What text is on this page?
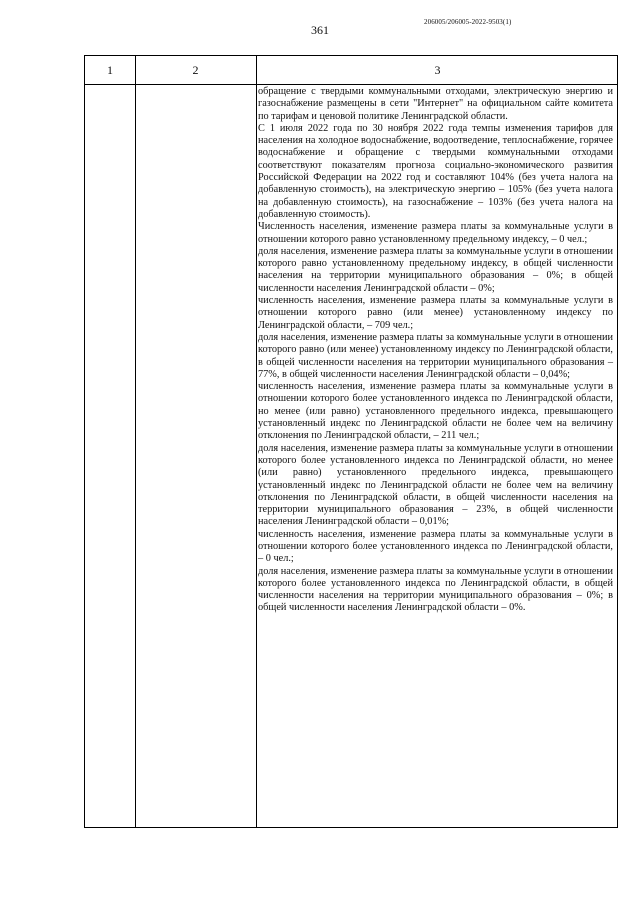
361
206005/206005-2022-9503(1)
1	2	3

обращение с твердыми коммунальными отходами, электрическую энергию и газоснабжение размещены в сети "Интернет" на официальном сайте комитета по тарифам и ценовой политике Ленинградской области.

С 1 июля 2022 года по 30 ноября 2022 года темпы изменения тарифов для населения на холодное водоснабжение, водоотведение, теплоснабжение, горячее водоснабжение и обращение с твердыми коммунальными отходами соответствуют показателям прогноза социально-экономического развития Российской Федерации на 2022 год и составляют 104% (без учета налога на добавленную стоимость), на электрическую энергию – 105% (без учета налога на добавленную стоимость), на газоснабжение – 103% (без учета налога на добавленную стоимость).

Численность населения, изменение размера платы за коммунальные услуги в отношении которого равно установленному предельному индексу, – 0 чел.;

доля населения, изменение размера платы за коммунальные услуги в отношении которого равно установленному предельному индексу, в общей численности населения на территории муниципального образования – 0%; в общей численности населения Ленинградской области – 0%;

численность населения, изменение размера платы за коммунальные услуги в отношении которого равно (или менее) установленному индексу по Ленинградской области, – 709 чел.;

доля населения, изменение размера платы за коммунальные услуги в отношении которого равно (или менее) установленному индексу по Ленинградской области, в общей численности населения на территории муниципального образования – 77%, в общей численности населения Ленинградской области – 0,04%;

численность населения, изменение размера платы за коммунальные услуги в отношении которого более установленного индекса по Ленинградской области, но менее (или равно) установленного предельного индекса, превышающего установленный индекс по Ленинградской области не более чем на величину отклонения по Ленинградской области, – 211 чел.;

доля населения, изменение размера платы за коммунальные услуги в отношении которого более установленного индекса по Ленинградской области, но менее (или равно) установленного предельного индекса, превышающего установленный индекс по Ленинградской области не более чем на величину отклонения по Ленинградской области, в общей численности населения на территории муниципального образования – 23%, в общей численности населения Ленинградской области – 0,01%;

численность населения, изменение размера платы за коммунальные услуги в отношении которого более установленного индекса по Ленинградской области, – 0 чел.;

доля населения, изменение размера платы за коммунальные услуги в отношении которого более установленного индекса по Ленинградской области, в общей численности населения на территории муниципального образования – 0%; в общей численности населения Ленинградской области – 0%.
